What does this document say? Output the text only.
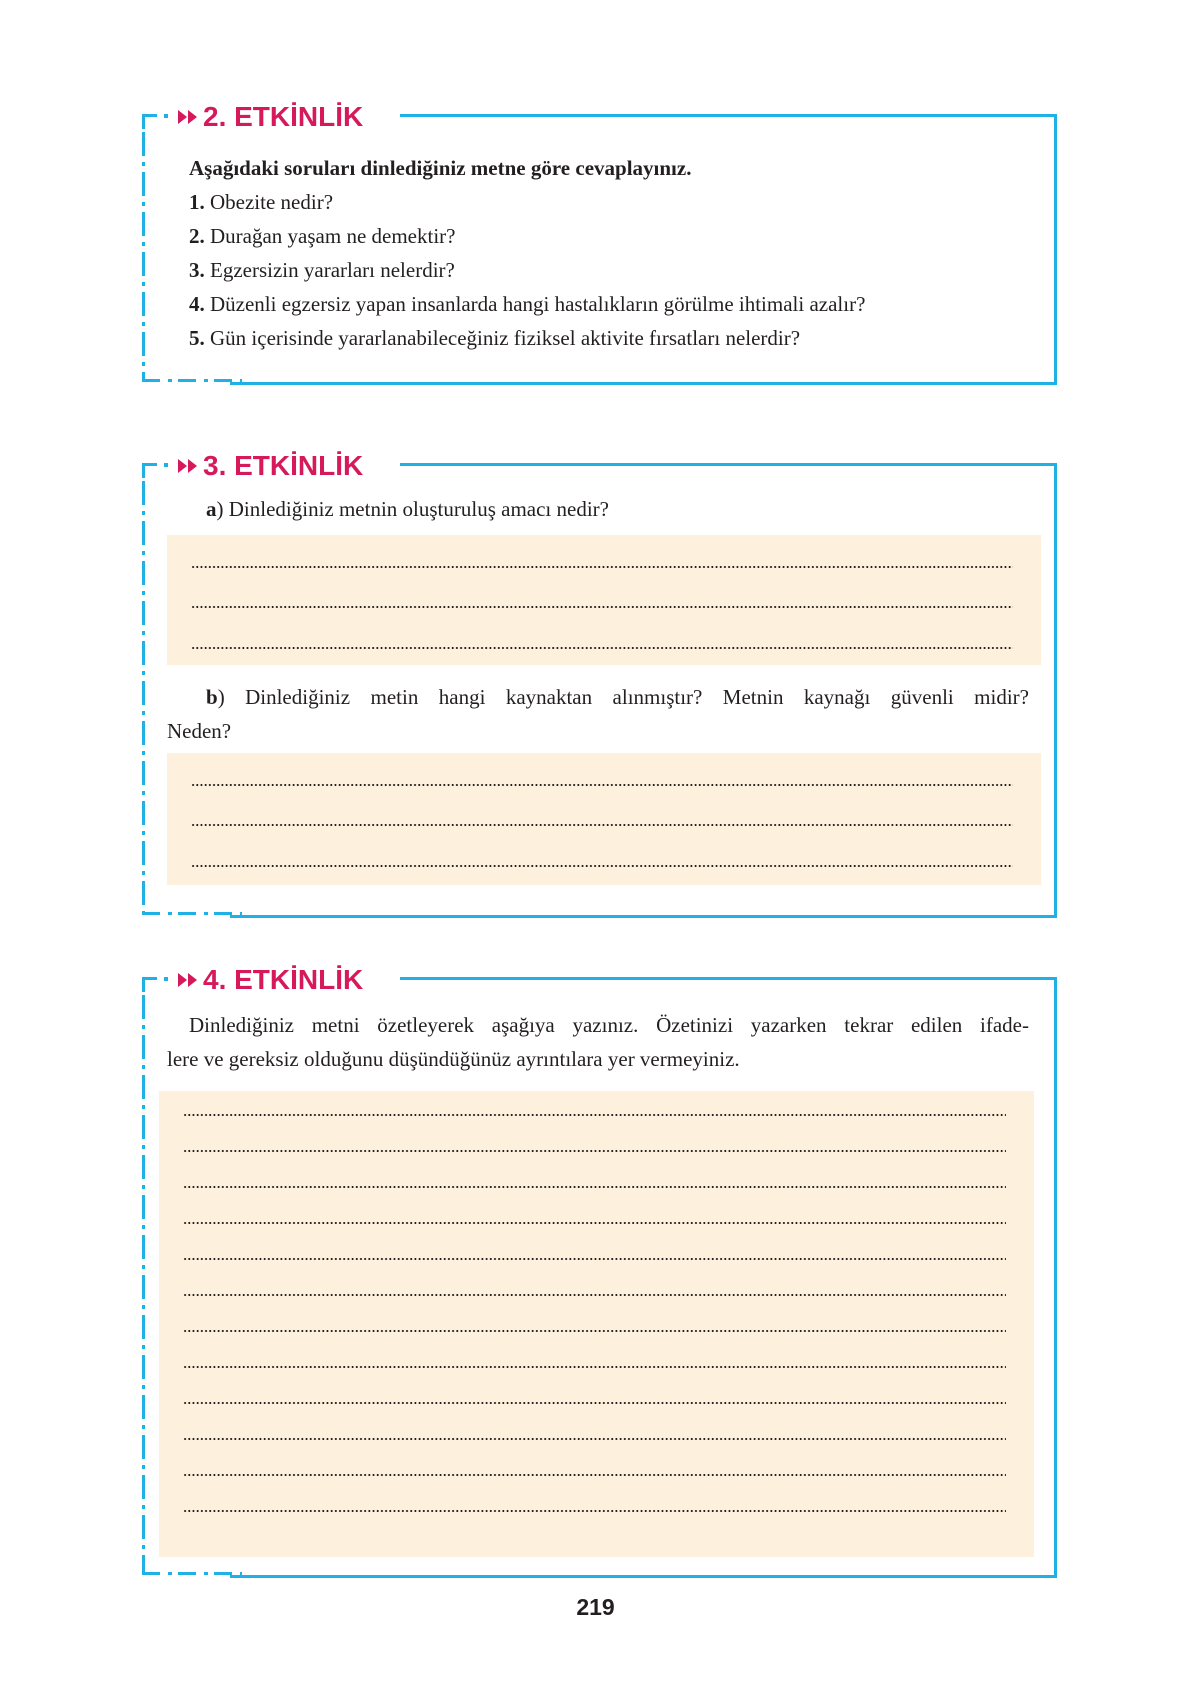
2. ETKİNLİK
Aşağıdaki soruları dinlediğiniz metne göre cevaplayınız.
1. Obezite nedir?
2. Durağan yaşam ne demektir?
3. Egzersizin yararları nelerdir?
4. Düzenli egzersiz yapan insanlarda hangi hastalıkların görülme ihtimali azalır?
5. Gün içerisinde yararlanabileceğiniz fiziksel aktivite fırsatları nelerdir?
3. ETKİNLİK
a) Dinlediğiniz metnin oluşturuluş amacı nedir?
b) Dinlediğiniz metin hangi kaynaktan alınmıştır? Metnin kaynağı güvenli midir?
Neden?
4. ETKİNLİK
Dinlediğiniz metni özetleyerek aşağıya yazınız. Özetinizi yazarken tekrar edilen ifade-
lere ve gereksiz olduğunu düşündüğünüz ayrıntılara yer vermeyiniz.
219
